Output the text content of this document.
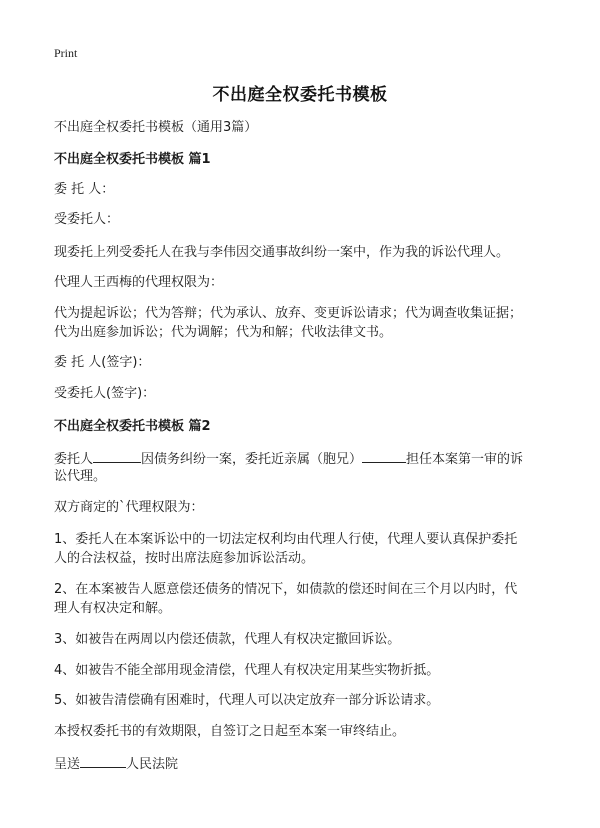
Print
不出庭全权委托书模板
不出庭全权委托书模板（通用3篇）
不出庭全权委托书模板 篇1
委 托 人：
受委托人：
现委托上列受委托人在我与李伟因交通事故纠纷一案中，作为我的诉讼代理人。
代理人王西梅的代理权限为：
代为提起诉讼；代为答辩；代为承认、放弃、变更诉讼请求；代为调查收集证据；
代为出庭参加诉讼；代为调解；代为和解；代收法律文书。
委 托 人(签字)：
受委托人(签字)：
不出庭全权委托书模板 篇2
委托人	因债务纠纷一案，委托近亲属（胞兄）	担任本案第一审的诉
讼代理。
双方商定的`代理权限为：
1、委托人在本案诉讼中的一切法定权利均由代理人行使，代理人要认真保护委托
人的合法权益，按时出席法庭参加诉讼活动。
2、在本案被告人愿意偿还债务的情况下，如债款的偿还时间在三个月以内时，代
理人有权决定和解。
3、如被告在两周以内偿还债款，代理人有权决定撤回诉讼。
4、如被告不能全部用现金清偿，代理人有权决定用某些实物折抵。
5、如被告清偿确有困难时，代理人可以决定放弃一部分诉讼请求。
本授权委托书的有效期限，自签订之日起至本案一审终结止。
呈送	人民法院
